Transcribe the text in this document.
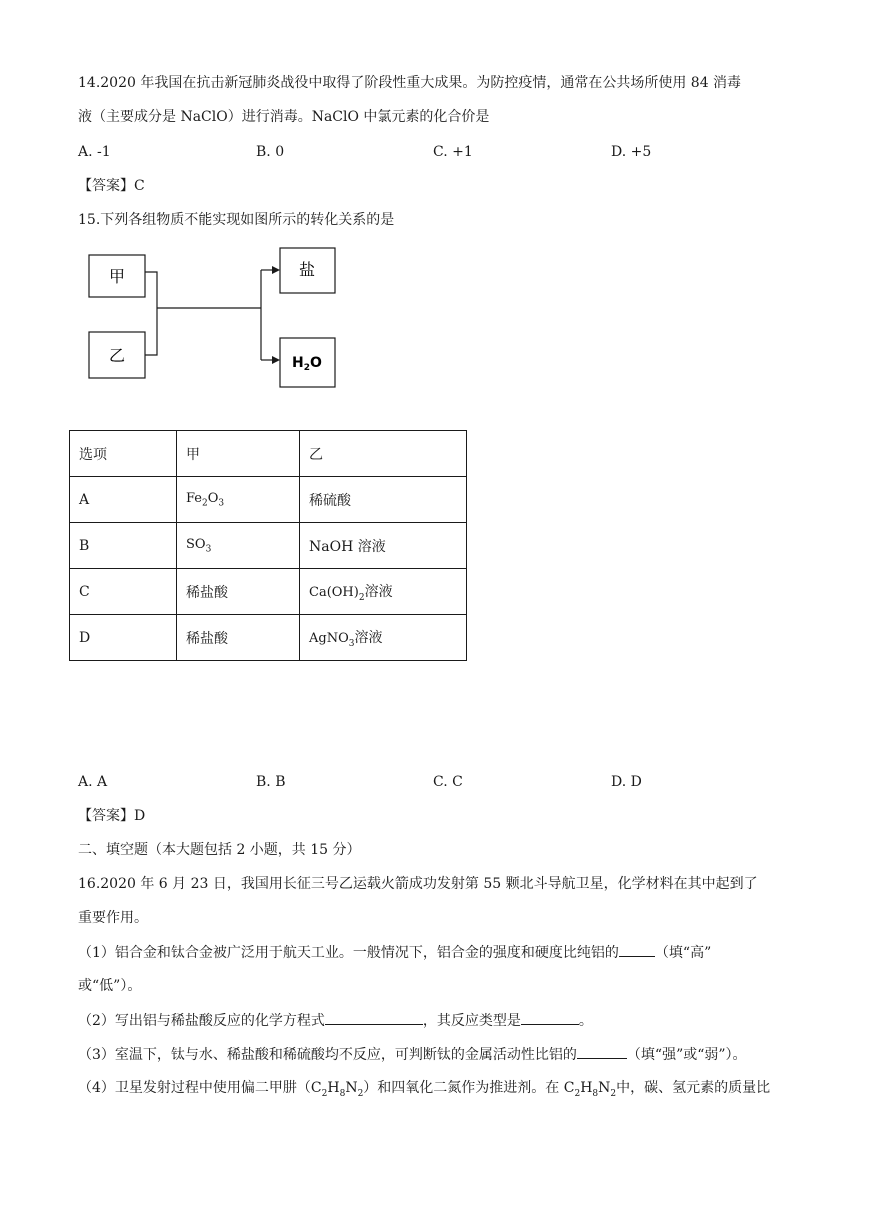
14.2020 年我国在抗击新冠肺炎战役中取得了阶段性重大成果。为防控疫情，通常在公共场所使用 84 消毒
液（主要成分是 NaClO）进行消毒。NaClO 中氯元素的化合价是
A. -1	B. 0	C. +1	D. +5
【答案】C
15.下列各组物质不能实现如图所示的转化关系的是
甲
乙
盐
$H_2O$
选项	甲	乙
A	$Fe_2O_3$	稀硫酸
B	$SO_3$	NaOH 溶液
C	稀盐酸	$Ca(OH)_2$溶液
D	稀盐酸	AgNO$_3$溶液
A. A	B. B	C. C	D. D
【答案】D
二、填空题（本大题包括 2 小题，共 15 分）
16.2020 年 6 月 23 日，我国用长征三号乙运载火箭成功发射第 55 颗北斗导航卫星，化学材料在其中起到了
重要作用。
（1）铝合金和钛合金被广泛用于航天工业。一般情况下，铝合金的强度和硬度比纯铝的	（填“高”
或“低”）。
（2）写出铝与稀盐酸反应的化学方程式	，其反应类型是	。
（3）室温下，钛与水、稀盐酸和稀硫酸均不反应，可判断钛的金属活动性比铝的	（填“强”或“弱”）。
（4）卫星发射过程中使用偏二甲肼$(C_2H_8N_2)$和四氧化二氮作为推进剂。在 $C_2H_8N_2$中，碳、氢元素的质量比
